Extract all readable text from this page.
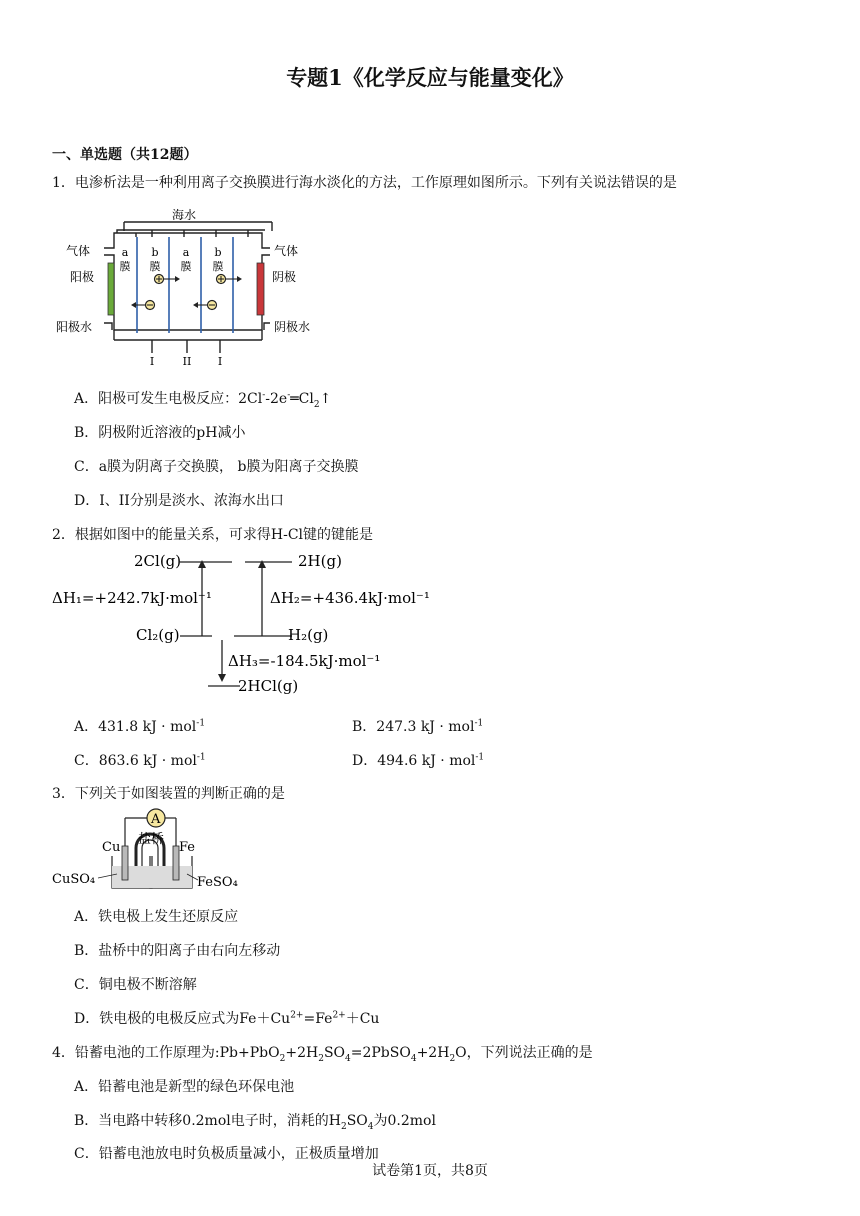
专题1《化学反应与能量变化》
一、单选题（共12题）
1．电渗析法是一种利用离子交换膜进行海水淡化的方法，工作原理如图所示。下列有关说法错误的是
海水
气体	气体
阳极	阴极
阳极水	阴极水
a
膜
b
膜
a
膜
b
膜
I	II I
A．阳极可发生电极反应：$2Cl^--2e^-═Cl_2↑$
B．阴极附近溶液的pH减小
C．a膜为阴离子交换膜， b膜为阳离子交换膜
D．I、II分别是淡水、浓海水出口
2．根据如图中的能量关系，可求得H-Cl键的键能是
2Cl(g)	2H(g)
ΔH₁=+242.7kJ·mol⁻¹	ΔH₂=+436.4kJ·mol⁻¹
Cl₂(g)	H₂(g)
ΔH₃=-184.5kJ·mol⁻¹
2HCl(g)
A．431.8 kJ · mol$^{-1}$	B．247.3 kJ · mol$^{-1}$
C．863.6 kJ · mol$^{-1}$	D．494.6 kJ · mol$^{-1}$
3．下列关于如图装置的判断正确的是
A
盐桥
Cu	Fe
CuSO₄	FeSO₄
A．铁电极上发生还原反应
B．盐桥中的阳离子由右向左移动
C．铜电极不断溶解
D．铁电极的电极反应式为$Fe+Cu^{2+}=Fe^{2+}+Cu$
4．铅蓄电池的工作原理为$:Pb+PbO_2+2H_2SO_4=2PbSO_4+2H_2O$，下列说法正确的是
A．铅蓄电池是新型的绿色环保电池
B．当电路中转移0.2mol电子时，消耗的$H_2SO_4$为0.2mol
C．铅蓄电池放电时负极质量减小，正极质量增加
试卷第1页，共8页
